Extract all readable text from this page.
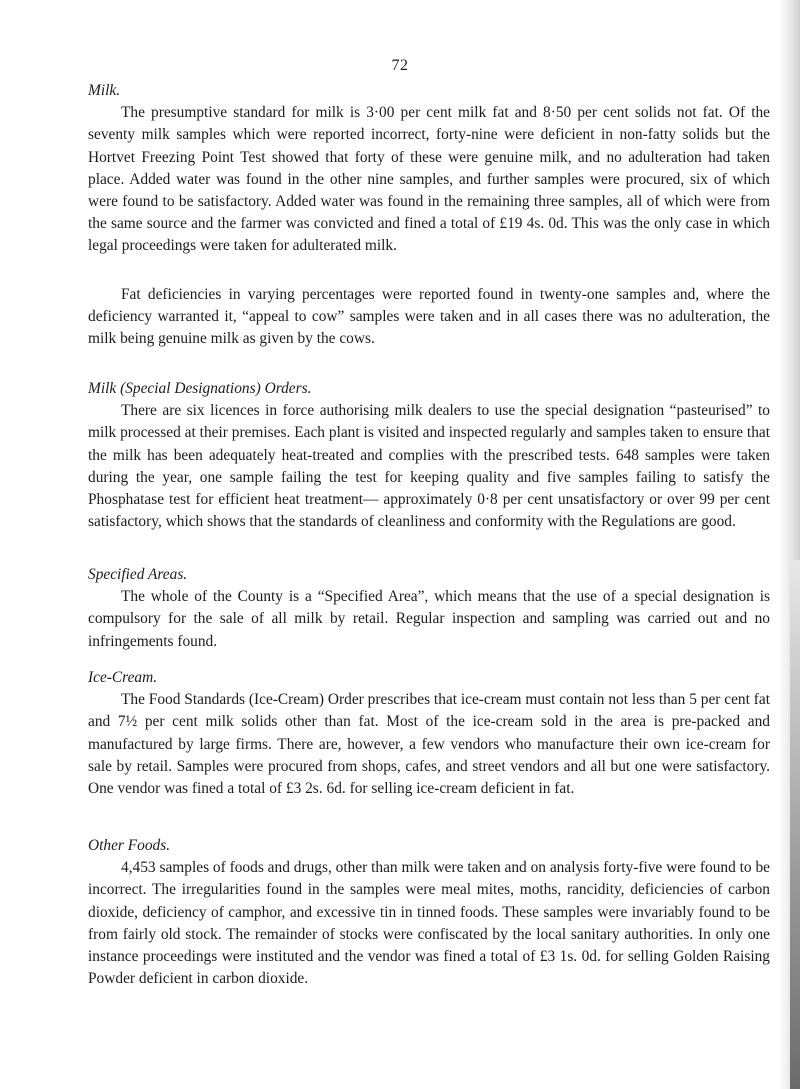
72
Milk.

The presumptive standard for milk is 3·00 per cent milk fat and 8·50 per cent solids not fat. Of the seventy milk samples which were reported incorrect, forty-nine were deficient in non-fatty solids but the Hortvet Freezing Point Test showed that forty of these were genuine milk, and no adulteration had taken place. Added water was found in the other nine samples, and further samples were procured, six of which were found to be satisfactory. Added water was found in the remaining three samples, all of which were from the same source and the farmer was convicted and fined a total of £19 4s. 0d. This was the only case in which legal proceedings were taken for adulterated milk.

Fat deficiencies in varying percentages were reported found in twenty-one samples and, where the deficiency warranted it, “appeal to cow” samples were taken and in all cases there was no adulteration, the milk being genuine milk as given by the cows.

Milk (Special Designations) Orders.

There are six licences in force authorising milk dealers to use the special designation “pasteurised” to milk processed at their premises. Each plant is visited and inspected regularly and samples taken to ensure that the milk has been adequately heat-treated and complies with the prescribed tests. 648 samples were taken during the year, one sample failing the test for keeping quality and five samples failing to satisfy the Phosphatase test for efficient heat treatment— approximately 0·8 per cent unsatisfactory or over 99 per cent satisfactory, which shows that the standards of cleanliness and conformity with the Regulations are good.

Specified Areas.

The whole of the County is a “Specified Area”, which means that the use of a special designation is compulsory for the sale of all milk by retail. Regular inspection and sampling was carried out and no infringements found.

Ice-Cream.

The Food Standards (Ice-Cream) Order prescribes that ice-cream must contain not less than 5 per cent fat and 7½ per cent milk solids other than fat. Most of the ice-cream sold in the area is pre-packed and manufactured by large firms. There are, however, a few vendors who manufacture their own ice-cream for sale by retail. Samples were procured from shops, cafes, and street vendors and all but one were satisfactory. One vendor was fined a total of £3 2s. 6d. for selling ice-cream deficient in fat.

Other Foods.

4,453 samples of foods and drugs, other than milk were taken and on analysis forty-five were found to be incorrect. The irregularities found in the samples were meal mites, moths, rancidity, deficiencies of carbon dioxide, deficiency of camphor, and excessive tin in tinned foods. These samples were invariably found to be from fairly old stock. The remainder of stocks were confiscated by the local sanitary authorities. In only one instance proceedings were instituted and the vendor was fined a total of £3 1s. 0d. for selling Golden Raising Powder deficient in carbon dioxide.
